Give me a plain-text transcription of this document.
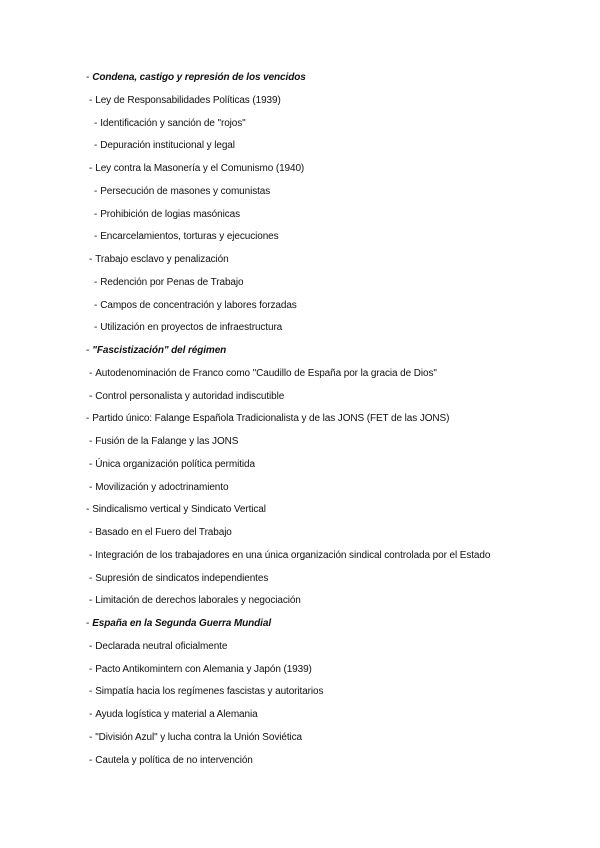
- Condena, castigo y represión de los vencidos
- Ley de Responsabilidades Políticas (1939)
- Identificación y sanción de "rojos"
- Depuración institucional y legal
- Ley contra la Masonería y el Comunismo (1940)
- Persecución de masones y comunistas
- Prohibición de logias masónicas
- Encarcelamientos, torturas y ejecuciones
- Trabajo esclavo y penalización
- Redención por Penas de Trabajo
- Campos de concentración y labores forzadas
- Utilización en proyectos de infraestructura
- "Fascistización" del régimen
- Autodenominación de Franco como "Caudillo de España por la gracia de Dios"
- Control personalista y autoridad indiscutible
- Partido único: Falange Española Tradicionalista y de las JONS (FET de las JONS)
- Fusión de la Falange y las JONS
- Única organización política permitida
- Movilización y adoctrinamiento
- Sindicalismo vertical y Sindicato Vertical
- Basado en el Fuero del Trabajo
- Integración de los trabajadores en una única organización sindical controlada por el Estado
- Supresión de sindicatos independientes
- Limitación de derechos laborales y negociación
- España en la Segunda Guerra Mundial
- Declarada neutral oficialmente
- Pacto Antikomintern con Alemania y Japón (1939)
- Simpatía hacia los regímenes fascistas y autoritarios
- Ayuda logística y material a Alemania
- "División Azul" y lucha contra la Unión Soviética
- Cautela y política de no intervención
